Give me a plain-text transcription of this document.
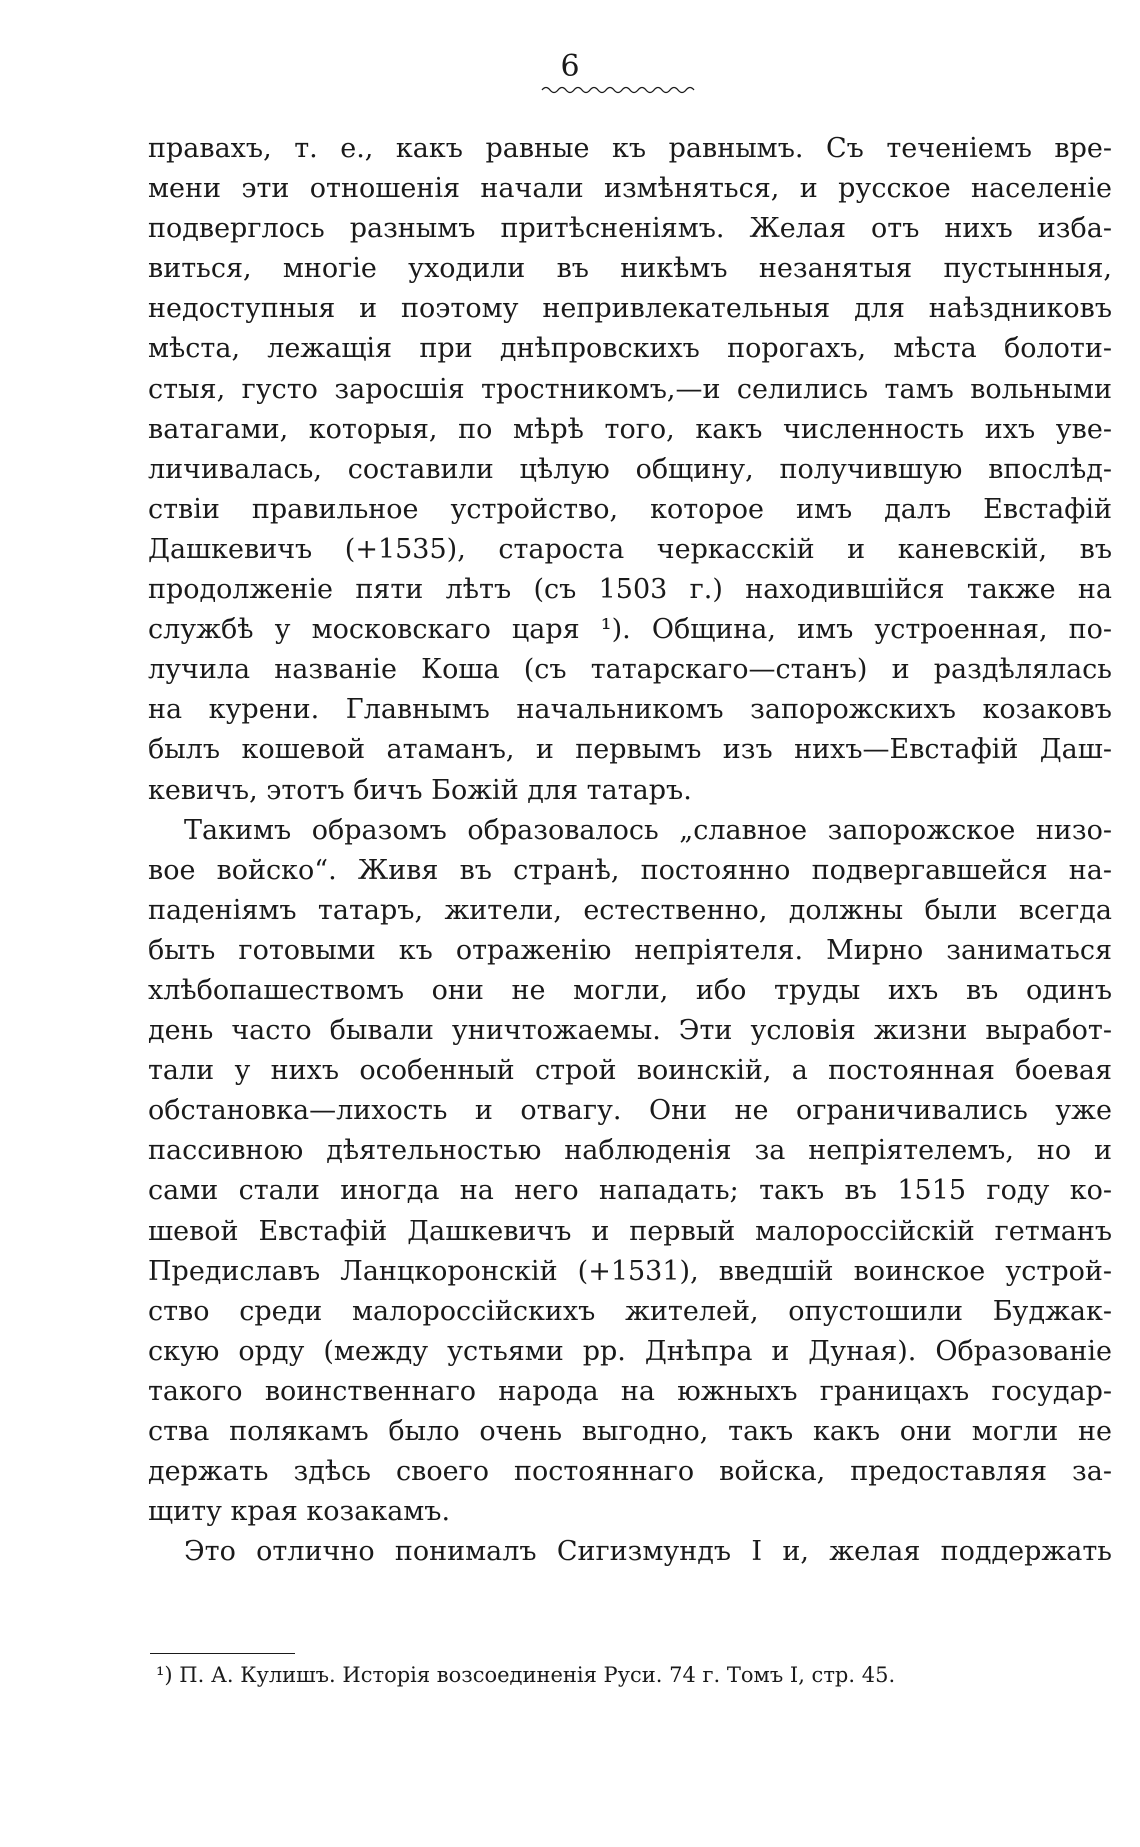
6
правахъ, т. е., какъ равные къ равнымъ. Съ теченіемъ вре-
мени эти отношенія начали измѣняться, и русское населеніе
подверглось разнымъ притѣсненіямъ. Желая отъ нихъ изба-
виться, многіе уходили въ никѣмъ незанятыя пустынныя,
недоступныя и поэтому непривлекательныя для наѣздниковъ
мѣста, лежащія при днѣпровскихъ порогахъ, мѣста болоти-
стыя, густо заросшія тростникомъ,—и селились тамъ вольными
ватагами, которыя, по мѣрѣ того, какъ численность ихъ уве-
личивалась, составили цѣлую общину, получившую впослѣд-
ствіи правильное устройство, которое имъ далъ Евстафій
Дашкевичъ (+1535), староста черкасскій и каневскій, въ
продолженіе пяти лѣтъ (съ 1503 г.) находившійся также на
службѣ у московскаго царя ¹). Община, имъ устроенная, по-
лучила названіе Коша (съ татарскаго—станъ) и раздѣлялась
на курени. Главнымъ начальникомъ запорожскихъ козаковъ
былъ кошевой атаманъ, и первымъ изъ нихъ—Евстафій Даш-
кевичъ, этотъ бичъ Божій для татаръ.
Такимъ образомъ образовалось „славное запорожское низо-
вое войско“. Живя въ странѣ, постоянно подвергавшейся на-
паденіямъ татаръ, жители, естественно, должны были всегда
быть готовыми къ отраженію непріятеля. Мирно заниматься
хлѣбопашествомъ они не могли, ибо труды ихъ въ одинъ
день часто бывали уничтожаемы. Эти условія жизни выработ-
тали у нихъ особенный строй воинскій, а постоянная боевая
обстановка—лихость и отвагу. Они не ограничивались уже
пассивною дѣятельностью наблюденія за непріятелемъ, но и
сами стали иногда на него нападать; такъ въ 1515 году ко-
шевой Евстафій Дашкевичъ и первый малороссійскій гетманъ
Предиславъ Ланцкоронскій (+1531), введшій воинское устрой-
ство среди малороссійскихъ жителей, опустошили Буджак-
скую орду (между устьями рр. Днѣпра и Дуная). Образованіе
такого воинственнаго народа на южныхъ границахъ государ-
ства полякамъ было очень выгодно, такъ какъ они могли не
держать здѣсь своего постояннаго войска, предоставляя за-
щиту края козакамъ.
Это отлично понималъ Сигизмундъ I и, желая поддержать
¹) П. А. Кулишъ. Исторія возсоединенія Руси. 74 г. Томъ I, стр. 45.
